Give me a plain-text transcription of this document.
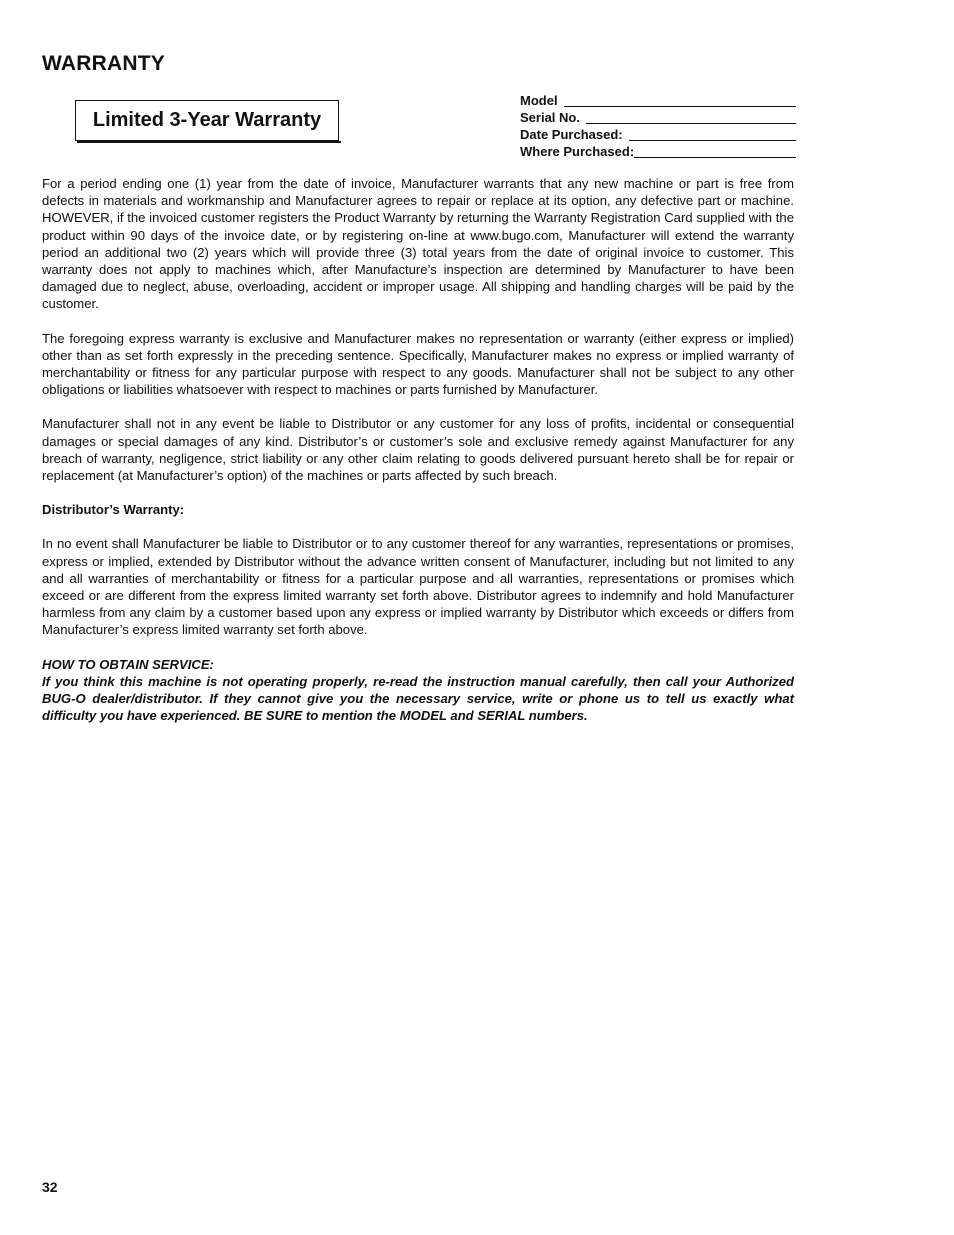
WARRANTY
Limited 3-Year Warranty
Model
Serial No.
Date Purchased:
Where Purchased:

For a period ending one (1) year from the date of invoice, Manufacturer warrants that any new machine or part is free from defects in materials and workmanship and Manufacturer agrees to repair or replace at its option, any defective part or machine. HOWEVER, if the invoiced customer registers the Product Warranty by returning the Warranty Registration Card supplied with the product within 90 days of the invoice date, or by registering on-line at www.bugo.com, Manufacturer will extend the warranty period an additional two (2) years which will provide three (3) total years from the date of original invoice to customer. This warranty does not apply to machines which, after Manufacture’s inspection are determined by Manufacturer to have been damaged due to neglect, abuse, overloading, accident or improper usage. All shipping and handling charges will be paid by the customer.

The foregoing express warranty is exclusive and Manufacturer makes no representation or warranty (either express or implied) other than as set forth expressly in the preceding sentence. Specifically, Manufacturer makes no express or implied warranty of merchantability or fitness for any particular purpose with respect to any goods. Manufacturer shall not be subject to any other obligations or liabilities whatsoever with respect to machines or parts furnished by Manufacturer.

Manufacturer shall not in any event be liable to Distributor or any customer for any loss of profits, incidental or consequential damages or special damages of any kind. Distributor’s or customer’s sole and exclusive remedy against Manufacturer for any breach of warranty, negligence, strict liability or any other claim relating to goods delivered pursuant hereto shall be for repair or replacement (at Manufacturer’s option) of the machines or parts affected by such breach.

Distributor’s Warranty:

In no event shall Manufacturer be liable to Distributor or to any customer thereof for any warranties, representations or promises, express or implied, extended by Distributor without the advance written consent of Manufacturer, including but not limited to any and all warranties of merchantability or fitness for a particular purpose and all warranties, representations or promises which exceed or are different from the express limited warranty set forth above. Distributor agrees to indemnify and hold Manufacturer harmless from any claim by a customer based upon any express or implied warranty by Distributor which exceeds or differs from Manufacturer’s express limited warranty set forth above.

HOW TO OBTAIN SERVICE:
If you think this machine is not operating properly, re-read the instruction manual carefully, then call your Authorized BUG-O dealer/distributor. If they cannot give you the necessary service, write or phone us to tell us exactly what difficulty you have experienced. BE SURE to mention the MODEL and SERIAL numbers.
32
